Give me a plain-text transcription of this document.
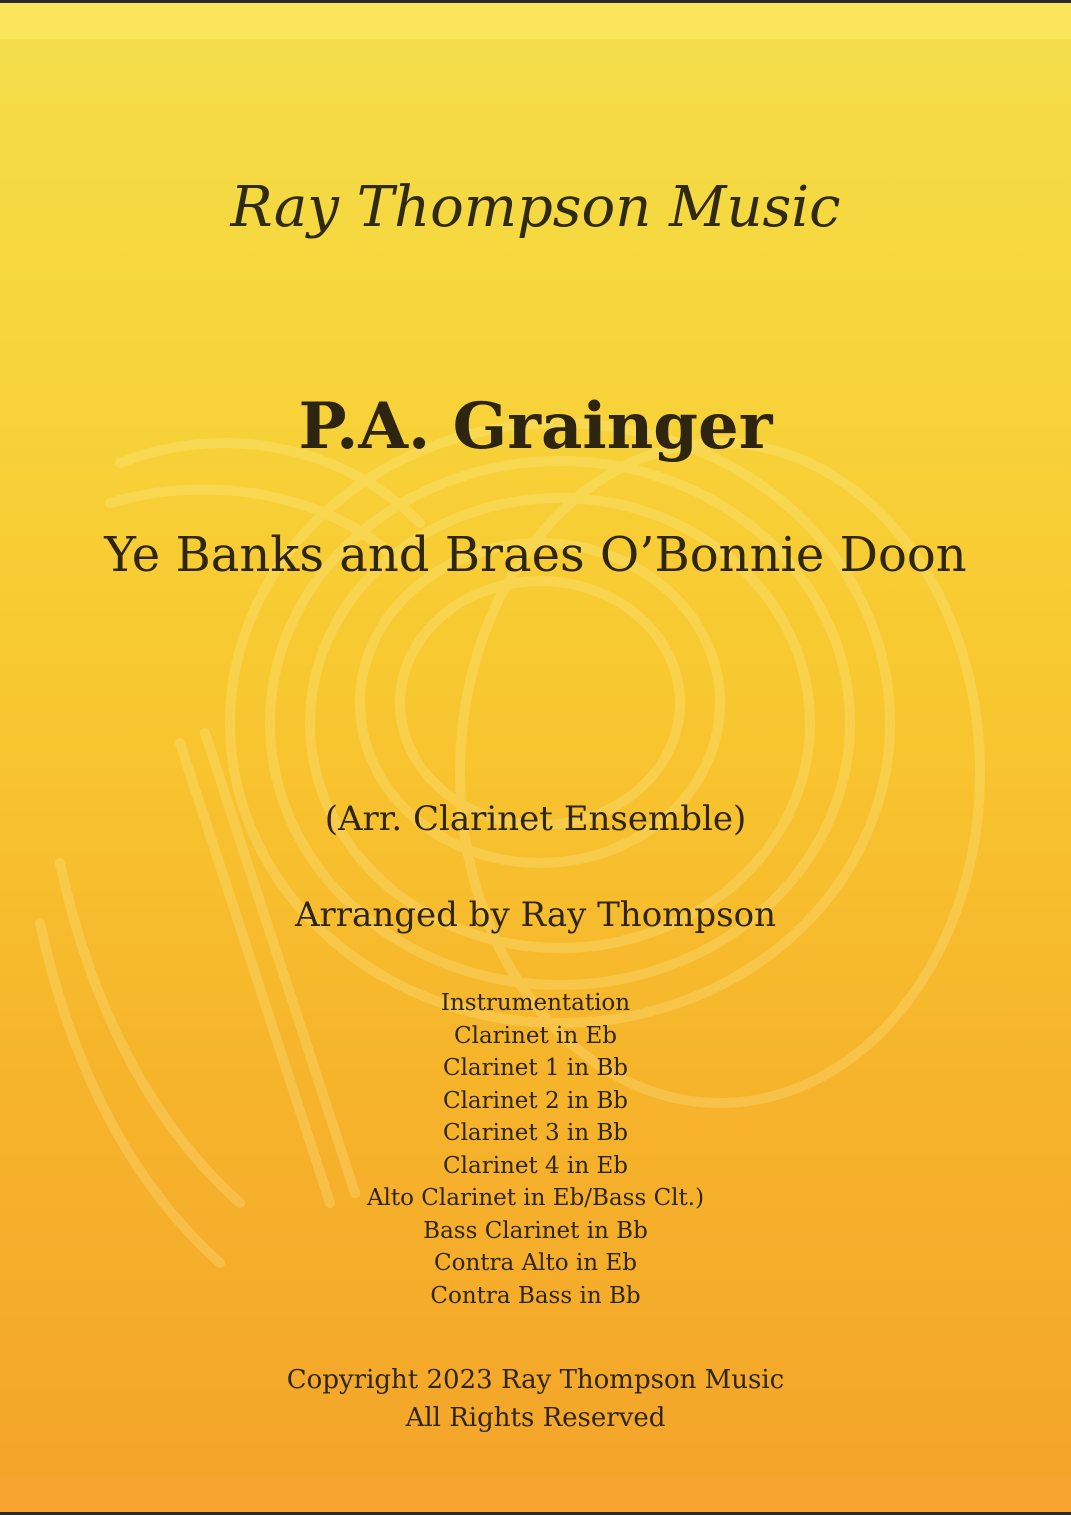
Ray Thompson Music
P.A. Grainger
Ye Banks and Braes O’Bonnie Doon
(Arr. Clarinet Ensemble)
Arranged by Ray Thompson
Instrumentation
Clarinet in Eb
Clarinet 1 in Bb
Clarinet 2 in Bb
Clarinet 3 in Bb
Clarinet 4 in Eb
Alto Clarinet in Eb/Bass Clt.)
Bass Clarinet in Bb
Contra Alto in Eb
Contra Bass in Bb
Copyright 2023 Ray Thompson Music
All Rights Reserved
